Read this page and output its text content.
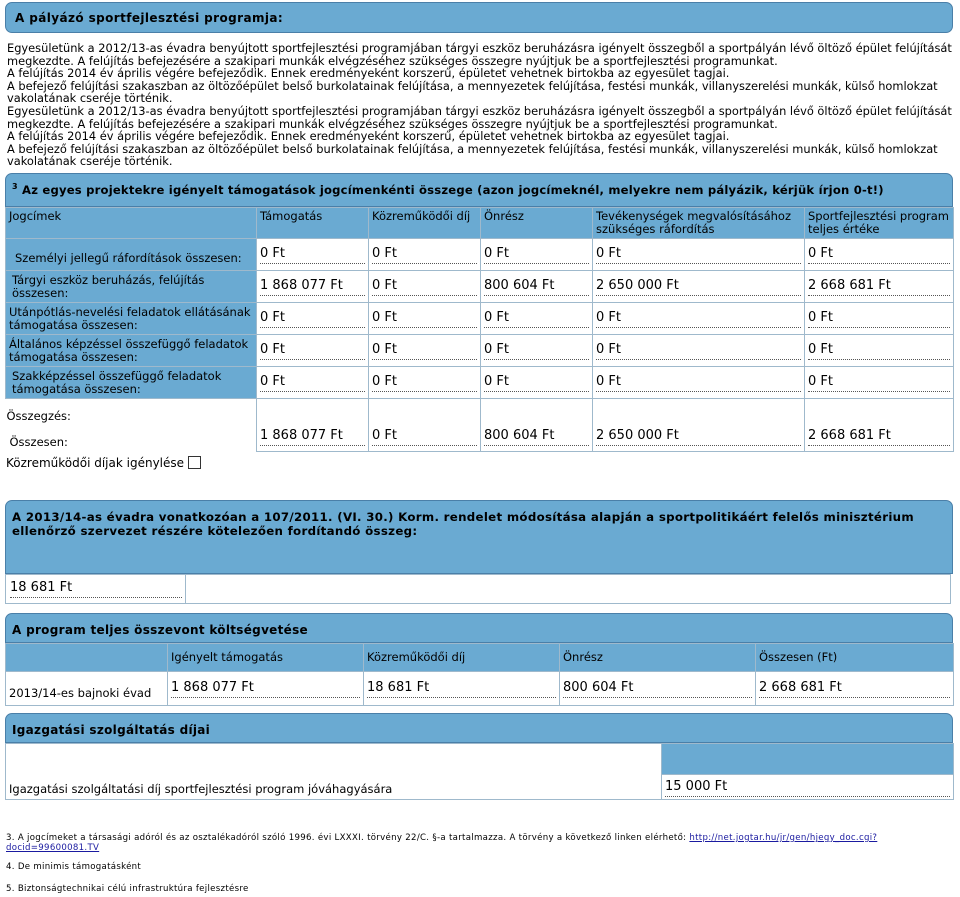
A pályázó sportfejlesztési programja:

Egyesületünk a 2012/13-as évadra benyújtott sportfejlesztési programjában tárgyi eszköz beruházásra igényelt összegből a sportpályán lévő öltöző épület felújítását megkezdte. A felújítás befejezésére a szakipari munkák elvégzéséhez szükséges összegre nyújtjuk be a sportfejlesztési programunkat.

A felújítás 2014 év április végére befejeződik. Ennek eredményeként korszerű, épületet vehetnek birtokba az egyesület tagjai.

A befejező felújítási szakaszban az öltözőépület belső burkolatainak felújítása, a mennyezetek felújítása, festési munkák, villanyszerelési munkák, külső homlokzat vakolatának cseréje történik.

Egyesületünk a 2012/13-as évadra benyújtott sportfejlesztési programjában tárgyi eszköz beruházásra igényelt összegből a sportpályán lévő öltöző épület felújítását megkezdte. A felújítás befejezésére a szakipari munkák elvégzéséhez szükséges összegre nyújtjuk be a sportfejlesztési programunkat.

A felújítás 2014 év április végére befejeződik. Ennek eredményeként korszerű, épületet vehetnek birtokba az egyesület tagjai.

A befejező felújítási szakaszban az öltözőépület belső burkolatainak felújítása, a mennyezetek felújítása, festési munkák, villanyszerelési munkák, külső homlokzat vakolatának cseréje történik.

$^3$ Az egyes projektekre igényelt támogatások jogcímenkénti összege (azon jogcímeknél, melyekre nem pályázik, kérjük írjon 0-t!)
Jogcímek	Támogatás	Közreműködői díj	Önrész	Tevékenységek megvalósításához szükséges ráfordítás	Sportfejlesztési program teljes értéke
Személyi jellegű ráfordítások összesen:	0 Ft	0 Ft	0 Ft	0 Ft	0 Ft

Tárgyi eszköz beruházás, felújítás összesen:	1 868 077 Ft	0 Ft	800 604 Ft	2 650 000 Ft	2 668 681 Ft

Utánpótlás-nevelési feladatok ellátásának támogatása összesen:	0 Ft	0 Ft	0 Ft	0 Ft	0 Ft

Általános képzéssel összefüggő feladatok támogatása összesen:	0 Ft	0 Ft	0 Ft	0 Ft	0 Ft

Szakképzéssel összefüggő feladatok támogatása összesen:	0 Ft	0 Ft	0 Ft	0 Ft	0 Ft

Összegzés:
Összesen:	1 868 077 Ft	0 Ft	800 604 Ft	2 650 000 Ft	2 668 681 Ft
Közreműködői díjak igénylése
A 2013/14-as évadra vonatkozóan a 107/2011. (VI. 30.) Korm. rendelet módosítása alapján a sportpolitikáért felelős minisztérium ellenőrző szervezet részére kötelezően fordítandó összeg:
18 681 Ft
A program teljes összevont költségvetése
	Igényelt támogatás	Közreműködői díj	Önrész	Összesen (Ft)
2013/14-es bajnoki évad	1 868 077 Ft	18 681 Ft	800 604 Ft	2 668 681 Ft
Igazgatási szolgáltatás díjai
Igazgatási szolgáltatási díj sportfejlesztési program jóváhagyására	15 000 Ft
3. A jogcímeket a társasági adóról és az osztalékadóról szóló 1996. évi LXXXI. törvény 22/C. §-a tartalmazza. A törvény a következő linken elérhető: http://net.jogtar.hu/jr/gen/hjegy_doc.cgi?docid=99600081.TV
4. De minimis támogatásként
5. Biztonságtechnikai célú infrastruktúra fejlesztésre
